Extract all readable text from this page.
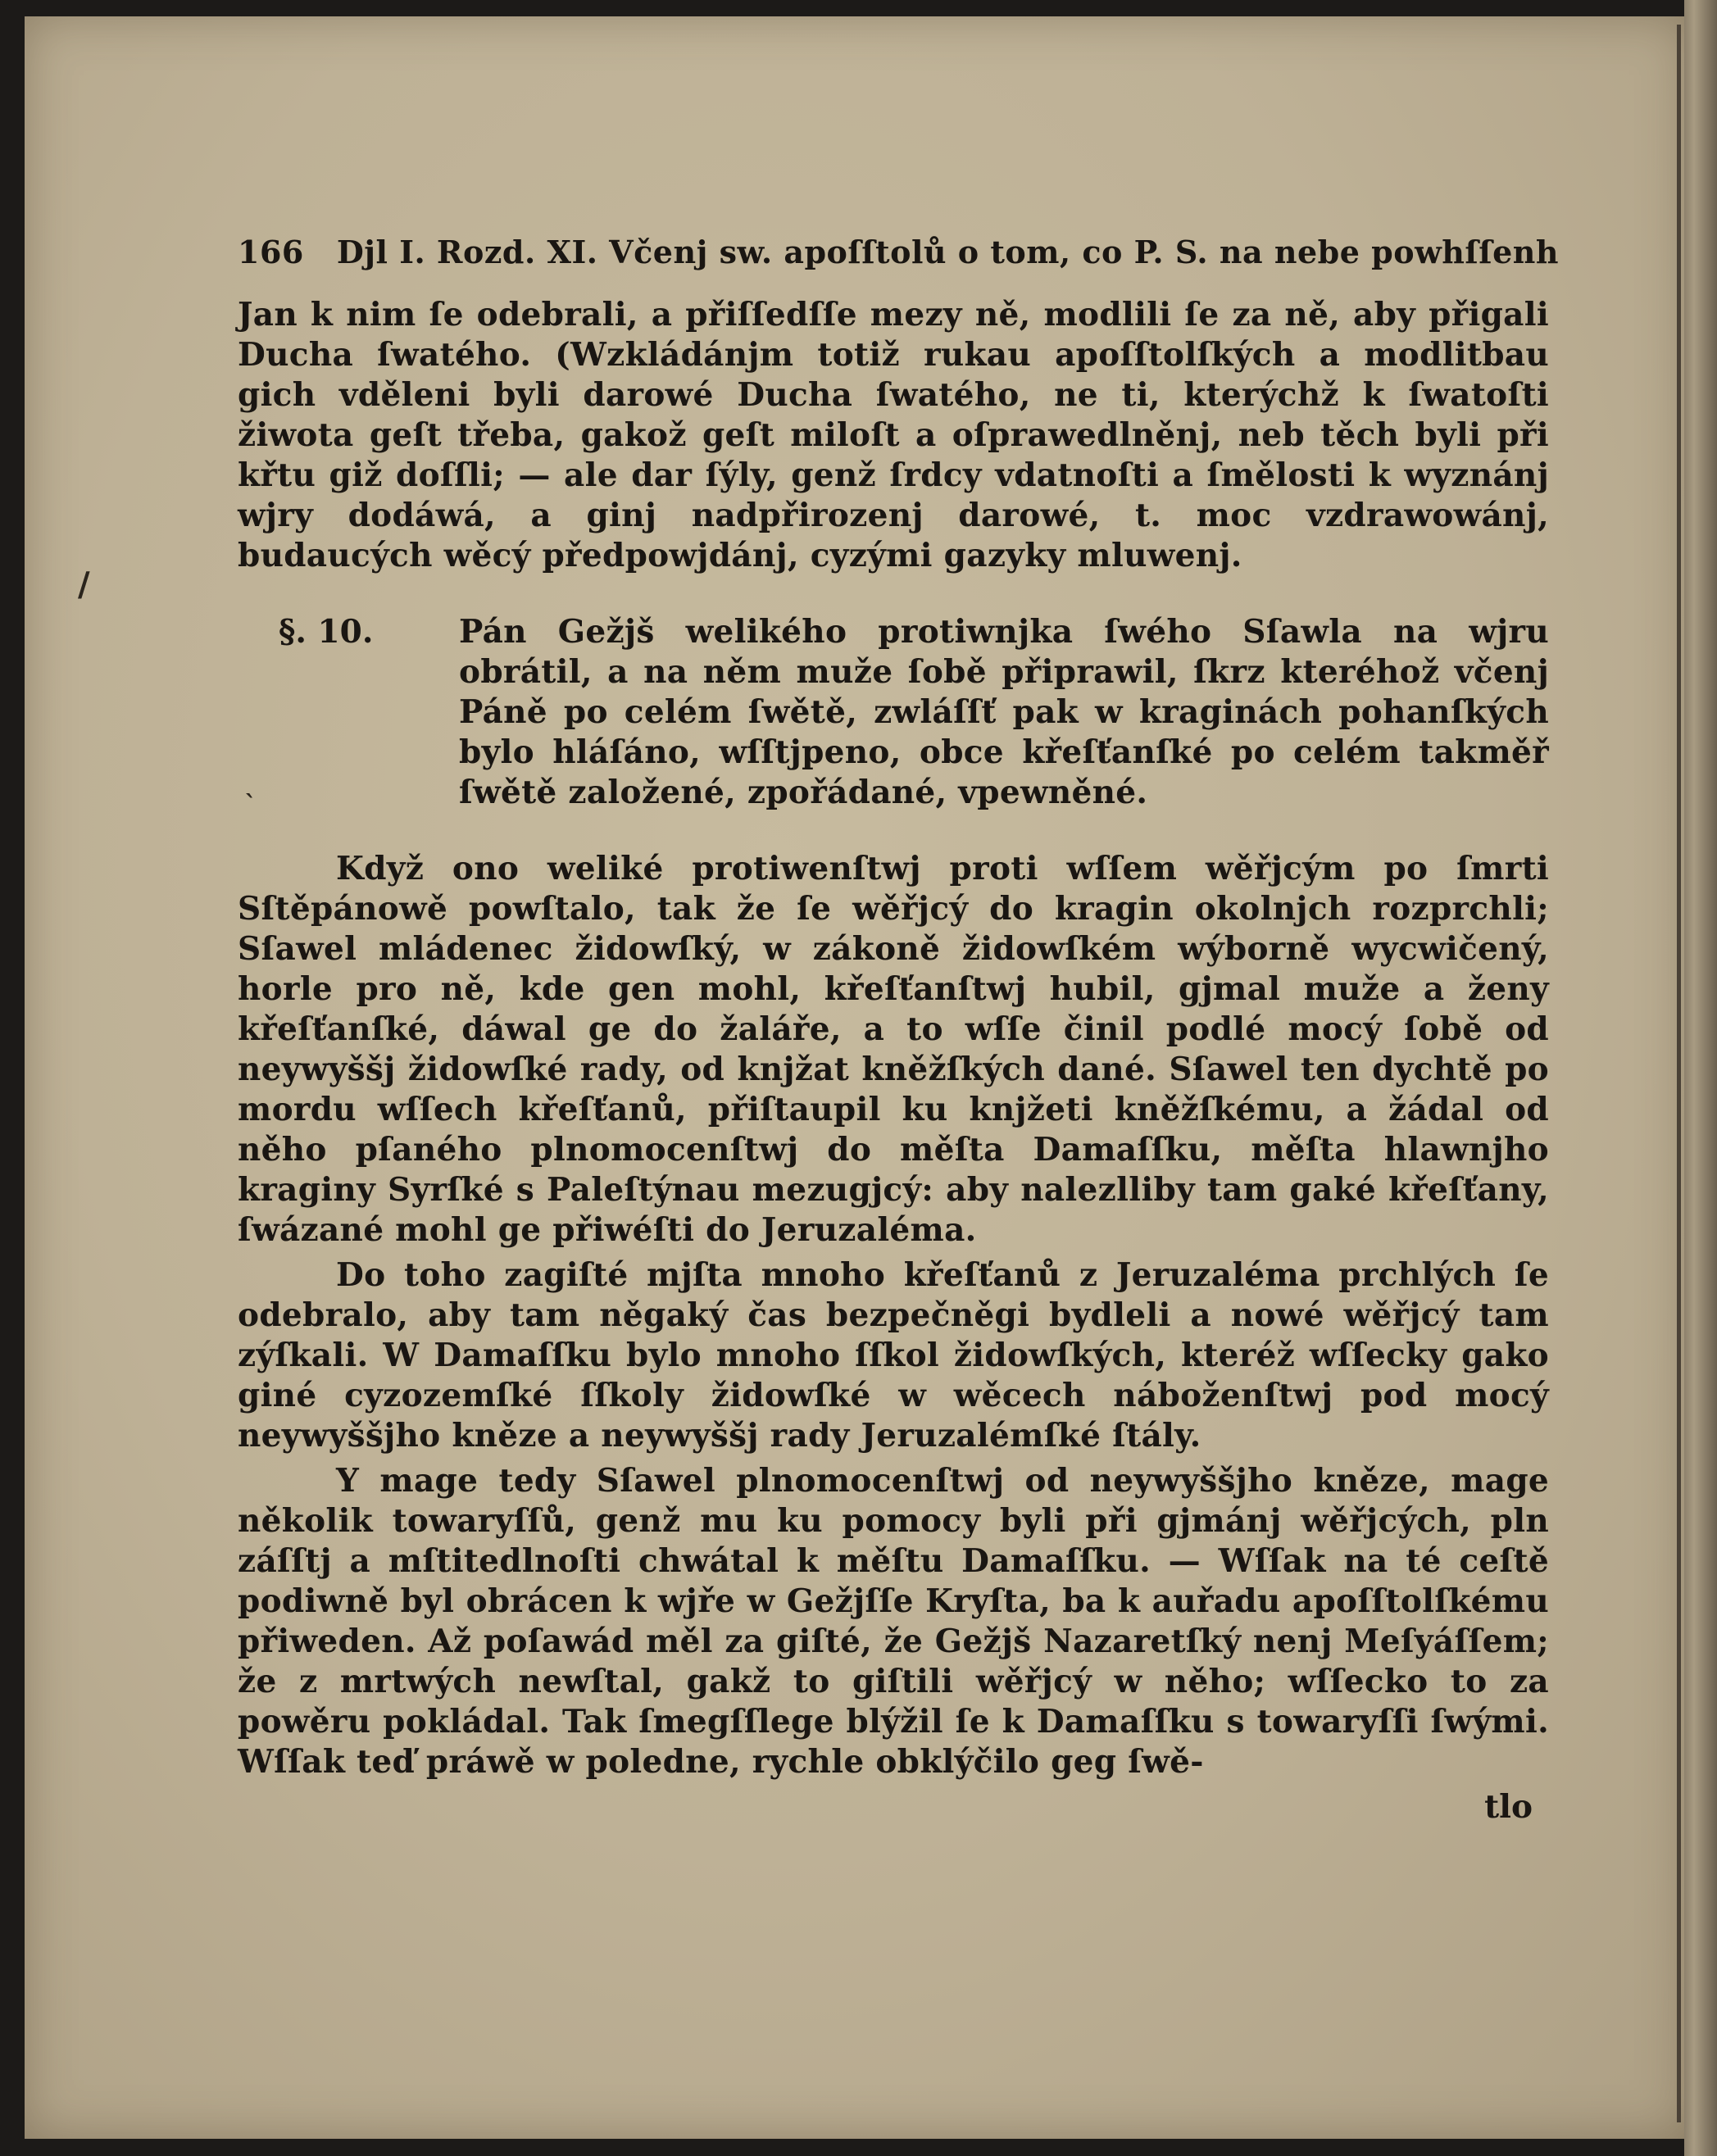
/
`
166 Djl I. Rozd. XI. Včenj sw. apoſſtolů o tom, co P. S. na nebe powhſſenh

Jan k nim ſe odebrali, a přiſſedſſe mezy ně, modlili ſe za ně, aby přigali Ducha ſwatého. (Wzkládánjm totiž rukau apoſſtolſkých a modlitbau gich vděleni byli darowé Ducha ſwatého, ne ti, kterýchž k ſwatoſti žiwota geſt třeba, gakož geſt miloſt a oſprawedlněnj, neb těch byli při křtu giž doſſli; — ale dar ſýly, genž ſrdcy vdatnoſti a ſmělosti k wyznánj wjry dodáwá, a ginj nadpřirozenj darowé, t. moc vzdrawowánj, budaucých wěcý předpowjdánj, cyzými gazyky mluwenj.

§. 10.	Pán Gežjš welikého protiwnjka ſwého Sſawla na wjru obrátil, a na něm muže ſobě připrawil, ſkrz kteréhož včenj Páně po celém ſwětě, zwláſſť pak w kraginách pohanſkých bylo hláſáno, wſſtjpeno, obce křeſťanſké po celém takměř ſwětě založené, zpořádané, vpewněné.

Když ono weliké protiwenſtwj proti wſſem wěřjcým po ſmrti Sſtěpánowě powſtalo, tak že ſe wěřjcý do kragin okolnjch rozprchli; Sſawel mládenec židowſký, w zákoně židowſkém wýborně wycwičený, horle pro ně, kde gen mohl, křeſťanſtwj hubil, gjmal muže a ženy křeſťanſké, dáwal ge do žaláře, a to wſſe činil podlé mocý ſobě od neywyššj židowſké rady, od knjžat kněžſkých dané. Sſawel ten dychtě po mordu wſſech křeſťanů, přiſtaupil ku knjžeti kněžſkému, a žádal od něho pſaného plnomocenſtwj do měſta Damaſſku, měſta hlawnjho kraginy Syrſké s Paleſtýnau mezugjcý: aby nalezlliby tam gaké křeſťany, ſwázané mohl ge přiwéſti do Jeruzaléma.

Do toho zagiſté mjſta mnoho křeſťanů z Jeruzaléma prchlých ſe odebralo, aby tam něgaký čas bezpečněgi bydleli a nowé wěřjcý tam zýſkali. W Damaſſku bylo mnoho ſſkol židowſkých, kteréž wſſecky gako giné cyzozemſké ſſkoly židowſké w wěcech náboženſtwj pod mocý neywyššjho kněze a neywyššj rady Jeruzalémſké ſtály.

Y mage tedy Sſawel plnomocenſtwj od neywyššjho kněze, mage několik towaryſſů, genž mu ku pomocy byli při gjmánj wěřjcých, pln záſſtj a mſtitedlnoſti chwátal k měſtu Damaſſku. — Wſſak na té ceſtě podiwně byl obrácen k wjře w Gežjſſe Kryſta, ba k auřadu apoſſtolſkému přiweden. Až poſawád měl za giſté, že Gežjš Nazaretſký nenj Meſyáſſem; že z mrtwých newſtal, gakž to giſtili wěřjcý w něho; wſſecko to za powěru pokládal. Tak ſmegſſlege blýžil ſe k Damaſſku s towaryſſi ſwými. Wſſak teď práwě w poledne, rychle obklýčilo geg ſwě-

tlo
